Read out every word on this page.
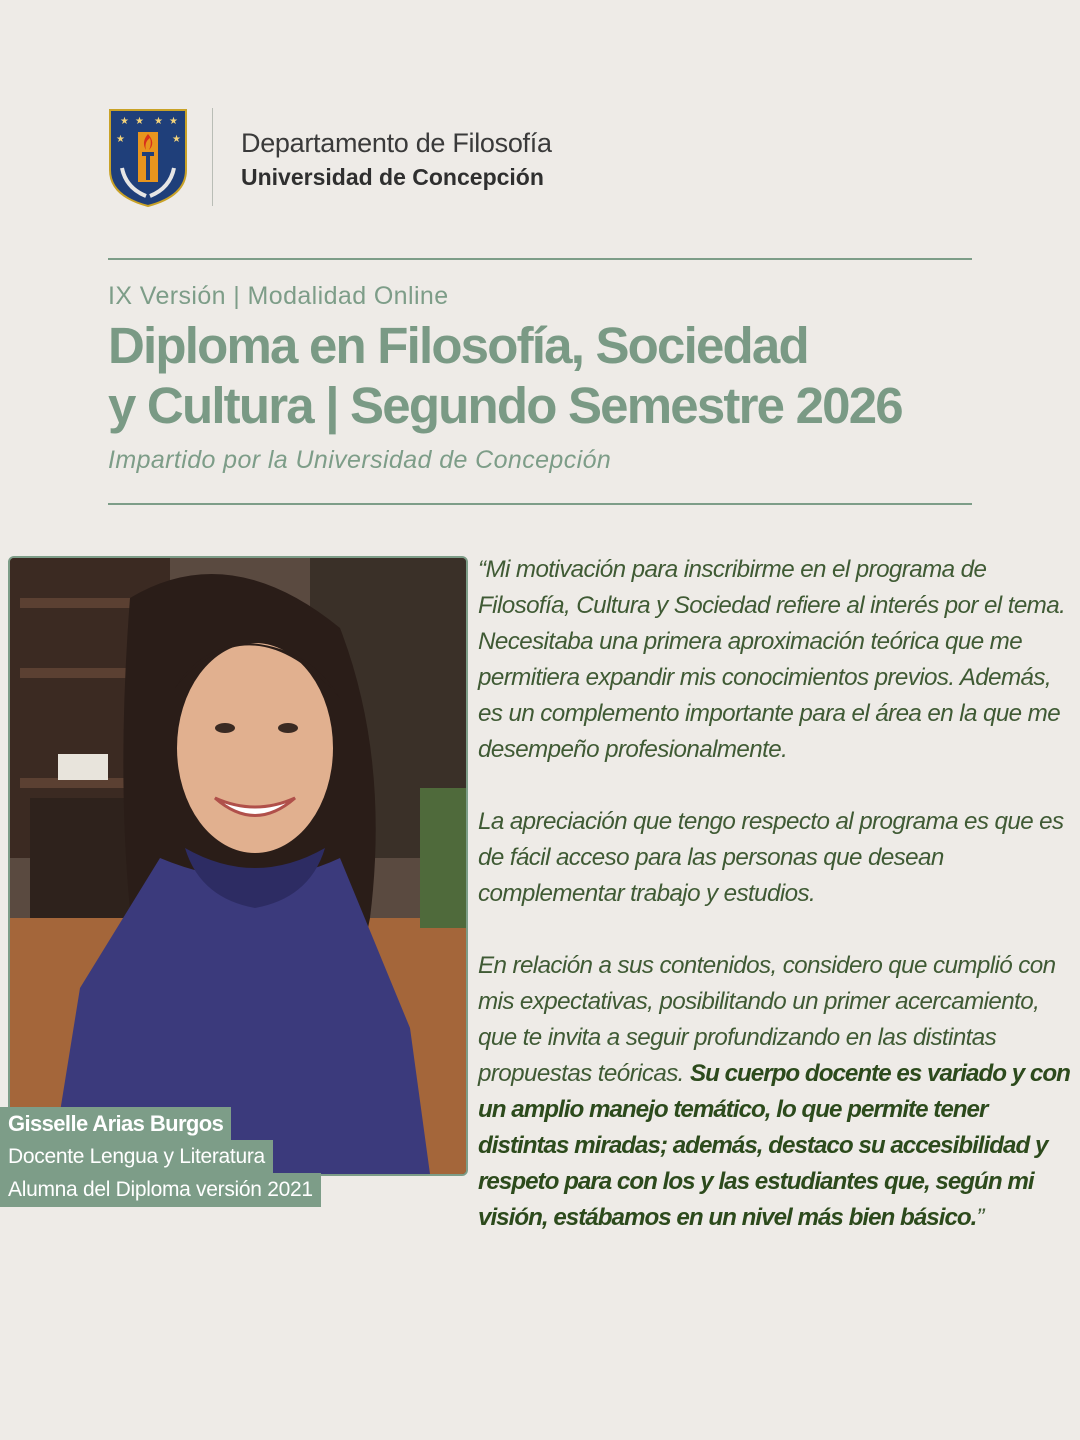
★ ★ ★ ★
★	★ Departamento de Filosofía
Universidad de Concepción
IX Versión | Modalidad Online
Diploma en Filosofía, Sociedad
y Cultura | Segundo Semestre 2026
Impartido por la Universidad de Concepción
Gisselle Arias Burgos
Docente Lengua y Literatura
Alumna del Diploma versión 2021

“Mi motivación para inscribirme en el programa de Filosofía, Cultura y Sociedad refiere al interés por el tema. Necesitaba una primera aproximación teórica que me permitiera expandir mis conocimientos previos. Además, es un complemento importante para el área en la que me desempeño profesionalmente.

La apreciación que tengo respecto al programa es que es de fácil acceso para las personas que desean complementar trabajo y estudios.

En relación a sus contenidos, considero que cumplió con mis expectativas, posibilitando un primer acercamiento, que te invita a seguir profundizando en las distintas propuestas teóricas. Su cuerpo docente es variado y con un amplio manejo temático, lo que permite tener distintas miradas; además, destaco su accesibilidad y respeto para con los y las estudiantes que, según mi visión, estábamos en un nivel más bien básico.”
